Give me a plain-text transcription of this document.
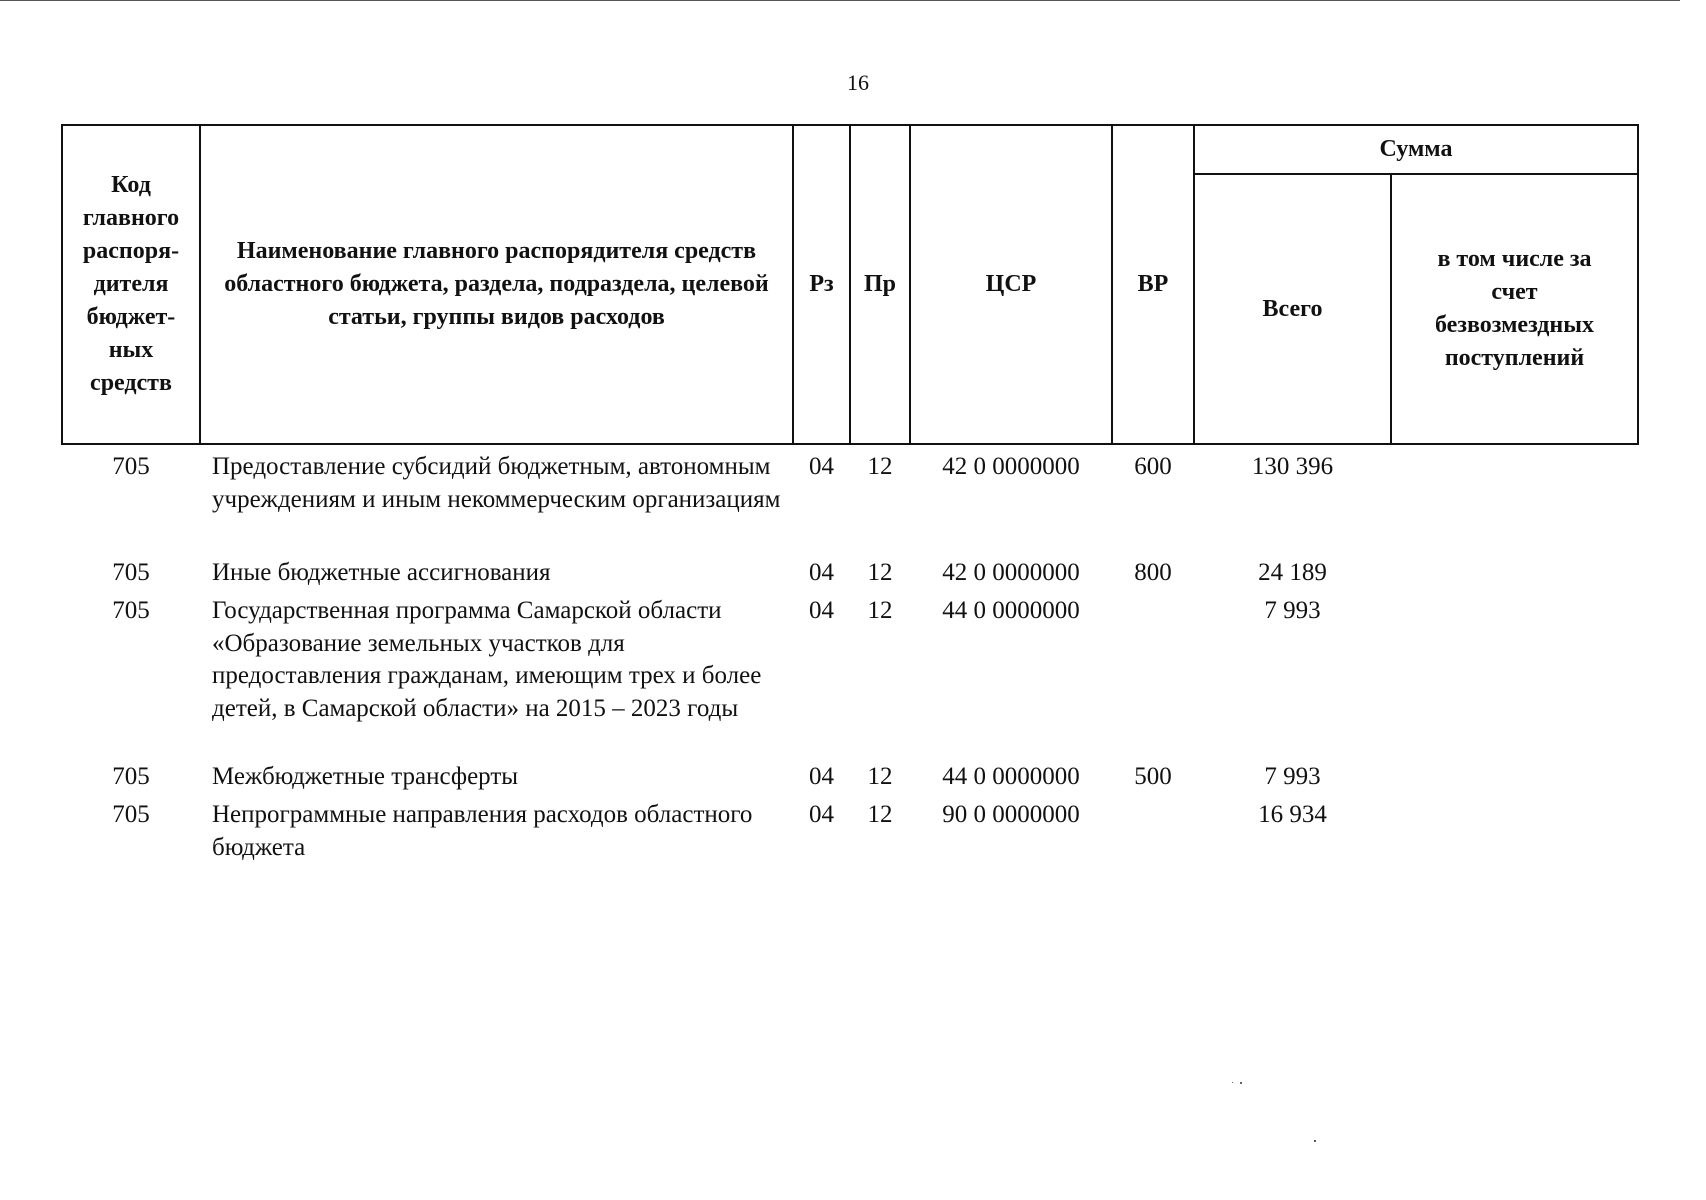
16
Код главного распоря-дителя бюджет-ных средств	Наименование главного распорядителя средств областного бюджета, раздела, подраздела, целевой статьи, группы видов расходов	Рз	Пр	ЦСР	ВР	Сумма	
						Всего	в том числе за счет безвозмездных поступлений
705	Предоставление субсидий бюджетным, автономным учреждениям и иным некоммерческим организациям	04	12	42 0 0000000	600	130 396	
705	Иные бюджетные ассигнования	04	12	42 0 0000000	800	24 189	
705	Государственная программа Самарской области «Образование земельных участков для предоставления гражданам, имеющим трех и более детей, в Самарской области» на 2015 – 2023 годы	04	12	44 0 0000000		7 993	
705	Межбюджетные трансферты	04	12	44 0 0000000	500	7 993	
705	Непрограммные направления расходов областного бюджета	04	12	90 0 0000000		16 934	
